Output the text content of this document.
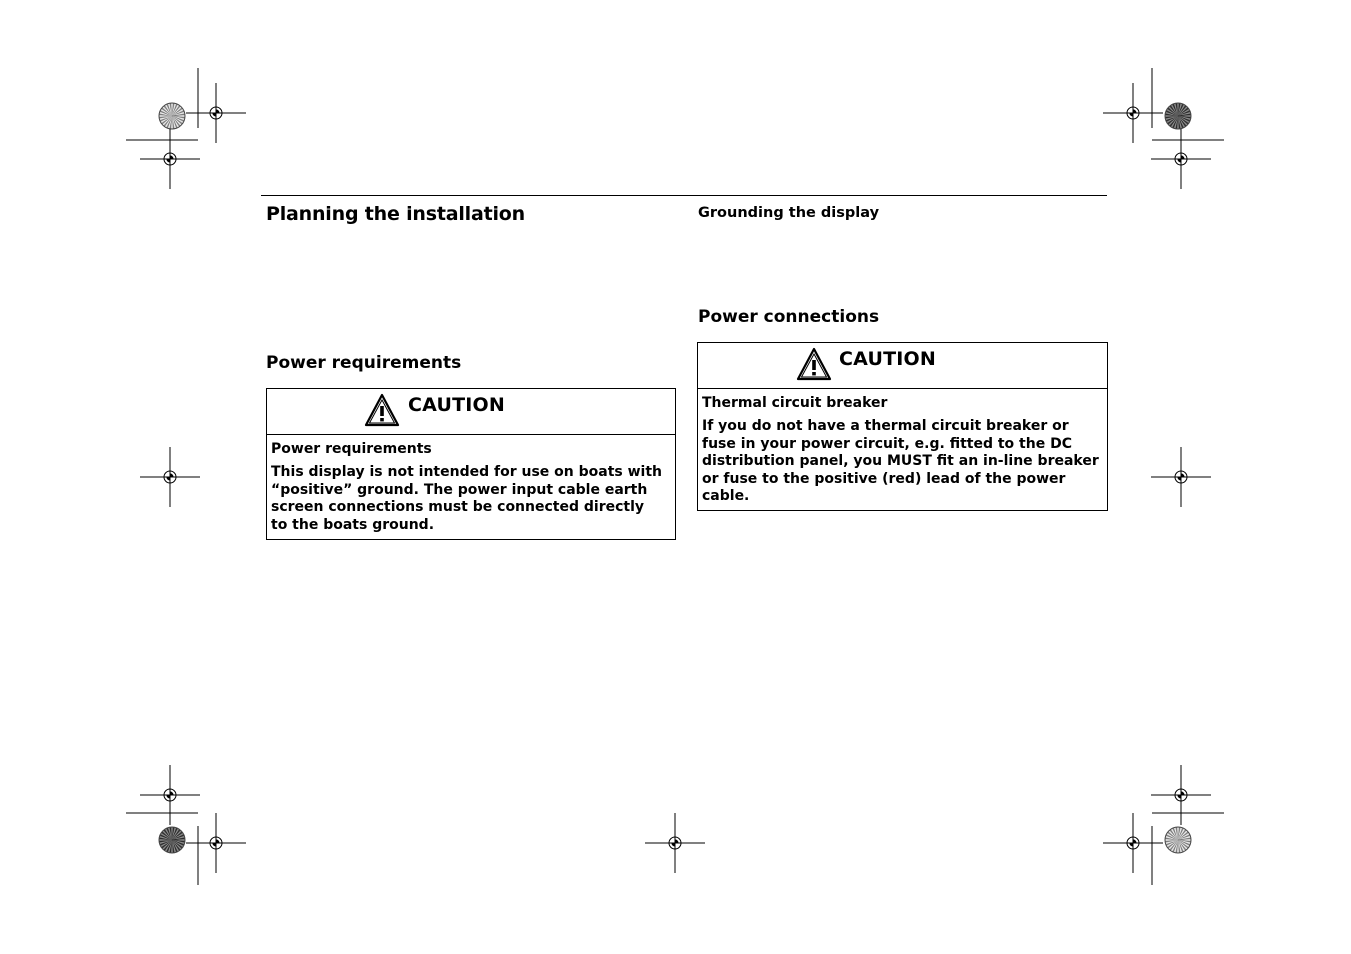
Planning the installation
Power requirements
CAUTION
Power requirements
This display is not intended for use on boats with
“positive” ground. The power input cable earth
screen connections must be connected directly
to the boats ground.
Grounding the display
Power connections
CAUTION
Thermal circuit breaker
If you do not have a thermal circuit breaker or
fuse in your power circuit, e.g. fitted to the DC
distribution panel, you MUST fit an in-line breaker
or fuse to the positive (red) lead of the power
cable.
